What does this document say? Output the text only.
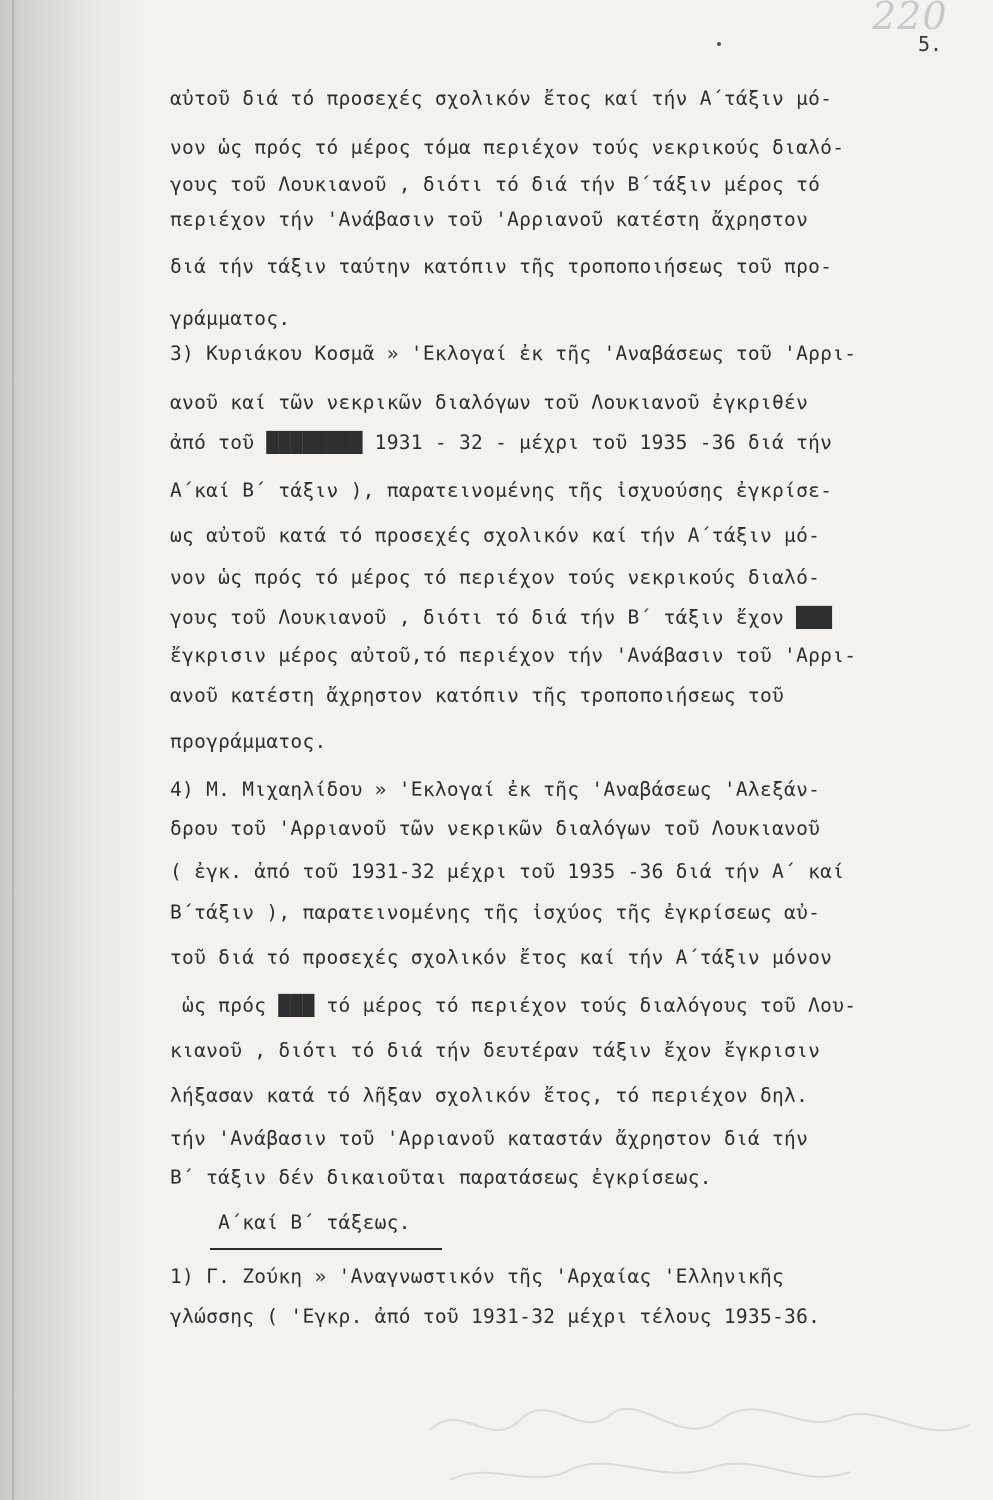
220
5.
αὐτοῦ διά τό προσεχές σχολικόν ἔτος καί τήν Α΄τάξιν μό-
νον ὡς πρός τό μέρος τόμα περιέχον τούς νεκρικούς διαλό-
γους τοῦ Λουκιανοῦ , διότι τό διά τήν Β΄τάξιν μέρος τό
περιέχον τήν 'Ανάβασιν τοῦ 'Αρριανοῦ κατέστη ἄχρηστον
διά τήν τάξιν ταύτην κατόπιν τῆς τροποποιήσεως τοῦ προ-
γράμματος.
3) Κυριάκου Κοσμᾶ » 'Εκλογαί ἐκ τῆς 'Αναβάσεως τοῦ 'Αρρι-
ανοῦ καί τῶν νεκρικῶν διαλόγων τοῦ Λουκιανοῦ ἐγκριθέν
ἀπό τοῦ ████████ 1931 - 32 - μέχρι τοῦ 1935 -36 διά τήν
Α΄καί Β΄ τάξιν ), παρατεινομένης τῆς ἰσχυούσης ἐγκρίσε-
ως αὐτοῦ κατά τό προσεχές σχολικόν καί τήν Α΄τάξιν μό-
νον ὡς πρός τό μέρος τό περιέχον τούς νεκρικούς διαλό-
γους τοῦ Λουκιανοῦ , διότι τό διά τήν Β΄ τάξιν ἔχον ███
ἔγκρισιν μέρος αὐτοῦ,τό περιέχον τήν 'Ανάβασιν τοῦ 'Αρρι-
ανοῦ κατέστη ἄχρηστον κατόπιν τῆς τροποποιήσεως τοῦ
προγράμματος.
4) Μ. Μιχαηλίδου » 'Εκλογαί ἐκ τῆς 'Αναβάσεως 'Αλεξάν-
δρου τοῦ 'Αρριανοῦ τῶν νεκρικῶν διαλόγων τοῦ Λουκιανοῦ
( ἐγκ. ἀπό τοῦ 1931-32 μέχρι τοῦ 1935 -36 διά τήν Α΄ καί
Β΄τάξιν ), παρατεινομένης τῆς ἰσχύος τῆς ἐγκρίσεως αὐ-
τοῦ διά τό προσεχές σχολικόν ἔτος καί τήν Α΄τάξιν μόνον
ὡς πρός ███ τό μέρος τό περιέχον τούς διαλόγους τοῦ Λου-
κιανοῦ , διότι τό διά τήν δευτέραν τάξιν ἔχον ἔγκρισιν
λήξασαν κατά τό λῆξαν σχολικόν ἔτος, τό περιέχον δηλ.
τήν 'Ανάβασιν τοῦ 'Αρριανοῦ καταστάν ἄχρηστον διά τήν
Β΄ τάξιν δέν δικαιοῦται παρατάσεως ἐγκρίσεως.
Α΄καί Β΄ τάξεως.
1) Γ. Ζούκη » 'Αναγνωστικόν τῆς 'Αρχαίας 'Ελληνικῆς
γλώσσης ( 'Εγκρ. ἀπό τοῦ 1931-32 μέχρι τέλους 1935-36.
